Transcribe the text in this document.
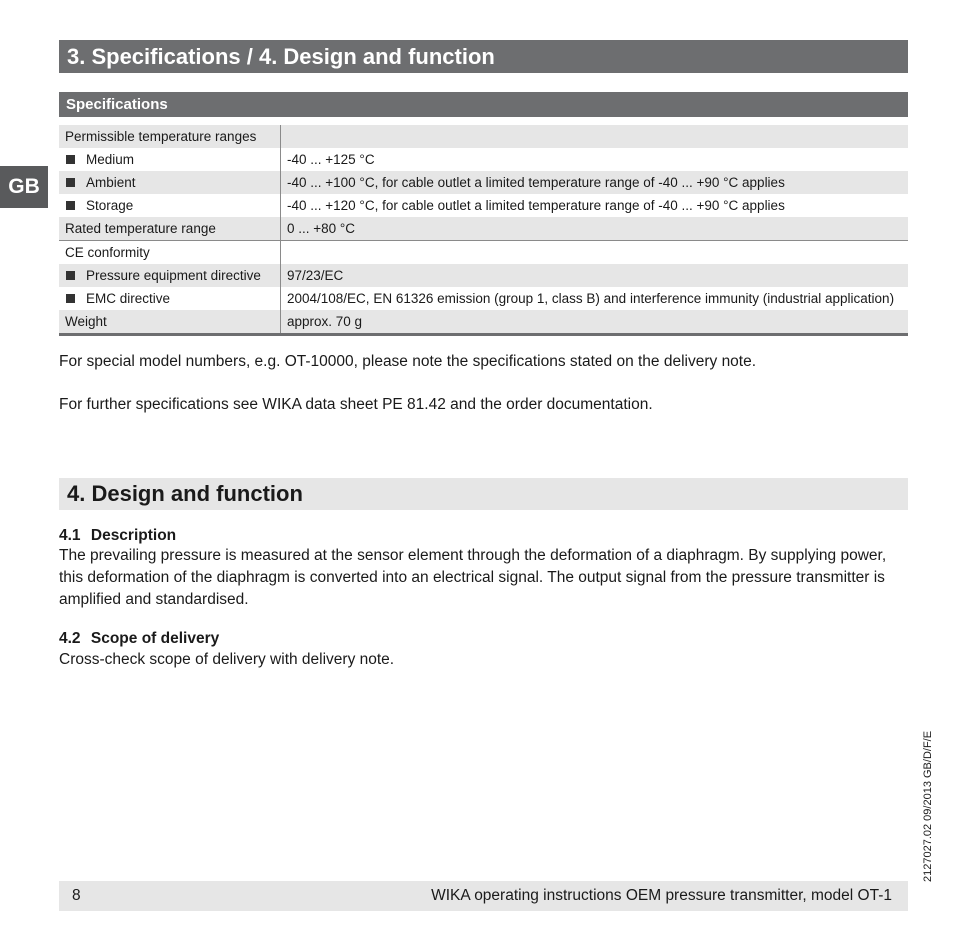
3. Specifications / 4. Design and function
GB
Specifications
Permissible temperature ranges	
Medium	-40 ... +125 °C
Ambient	-40 ... +100 °C, for cable outlet a limited temperature range of -40 ... +90 °C applies
Storage	-40 ... +120 °C, for cable outlet a limited temperature range of -40 ... +90 °C applies
Rated temperature range	0 ... +80 °C
CE conformity	
Pressure equipment directive	97/23/EC
EMC directive	2004/108/EC, EN 61326 emission (group 1, class B) and interference immunity (industrial application)
Weight	approx. 70 g
For special model numbers, e.g. OT-10000, please note the specifications stated on the delivery note.
For further specifications see WIKA data sheet PE 81.42 and the order documentation.
4. Design and function
4.1 Description
The prevailing pressure is measured at the sensor element through the deformation of a diaphragm. By supplying power, this deformation of the diaphragm is converted into an electrical signal. The output signal from the pressure transmitter is amplified and standardised.
4.2 Scope of delivery
Cross-check scope of delivery with delivery note.
2127027.02 09/2013 GB/D/F/E
8	WIKA operating instructions OEM pressure transmitter, model OT-1
